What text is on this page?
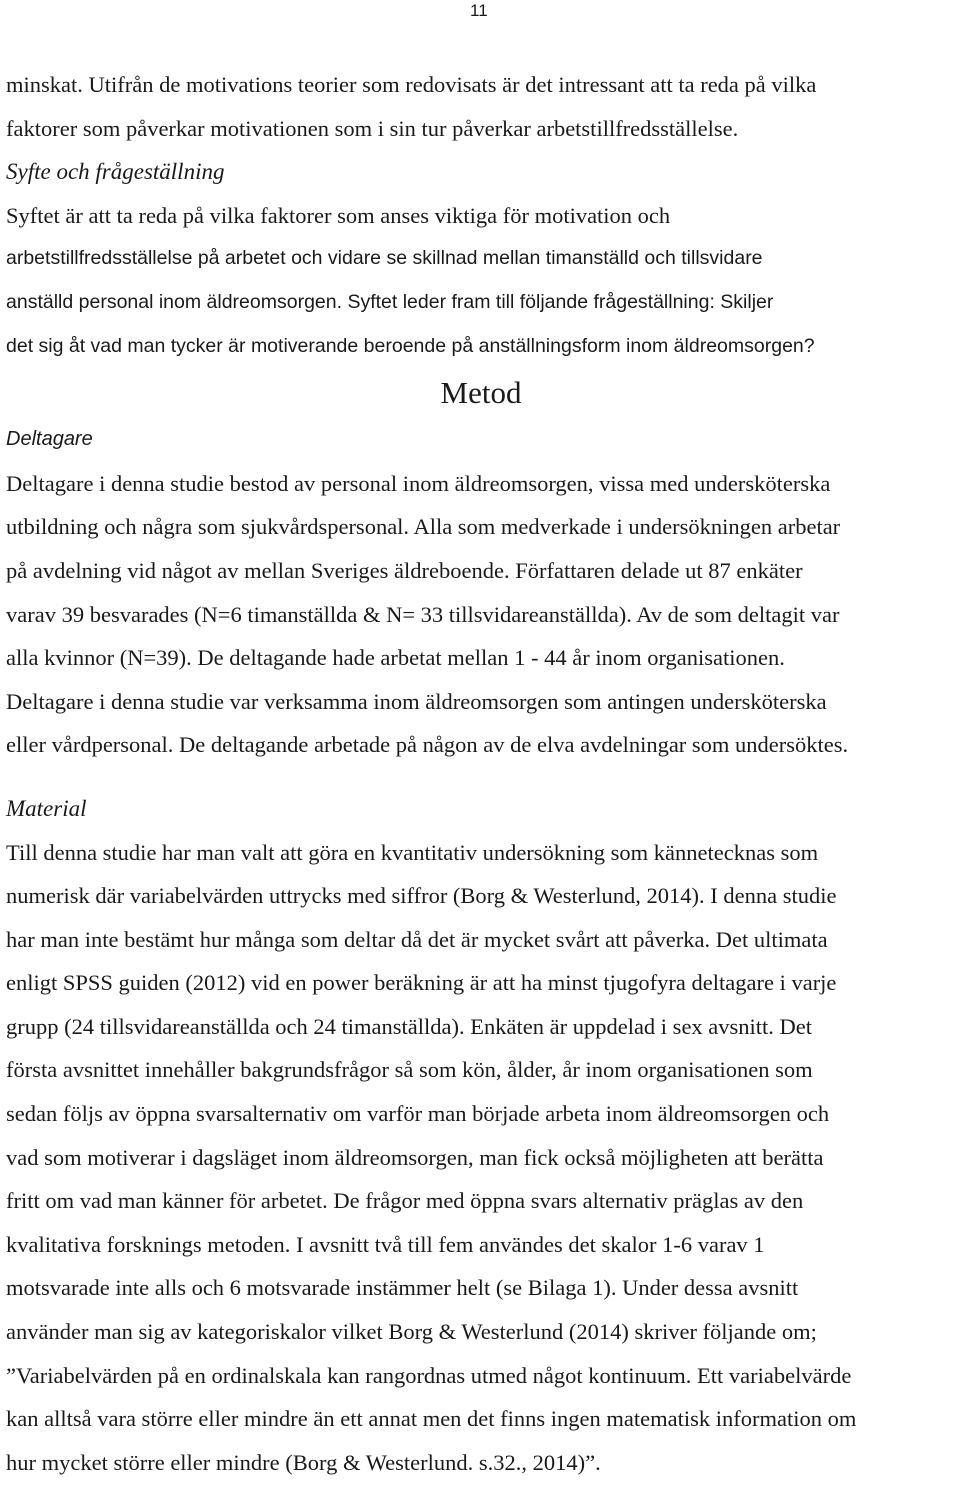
11
minskat. Utifrån de motivations teorier som redovisats är det intressant att ta reda på vilka
faktorer som påverkar motivationen som i sin tur påverkar arbetstillfredsställelse.
Syfte och frågeställning
Syftet är att ta reda på vilka faktorer som anses viktiga för motivation och
arbetstillfredsställelse på arbetet och vidare se skillnad mellan timanställd och tillsvidare
anställd personal inom äldreomsorgen. Syftet leder fram till följande frågeställning: Skiljer
det sig åt vad man tycker är motiverande beroende på anställningsform inom äldreomsorgen?
Metod
Deltagare
Deltagare i denna studie bestod av personal inom äldreomsorgen, vissa med undersköterska
utbildning och några som sjukvårdspersonal. Alla som medverkade i undersökningen arbetar
på avdelning vid något av mellan Sveriges äldreboende. Författaren delade ut 87 enkäter
varav 39 besvarades (N=6 timanställda & N= 33 tillsvidareanställda). Av de som deltagit var
alla kvinnor (N=39). De deltagande hade arbetat mellan 1 - 44 år inom organisationen.
Deltagare i denna studie var verksamma inom äldreomsorgen som antingen undersköterska
eller vårdpersonal. De deltagande arbetade på någon av de elva avdelningar som undersöktes.
Material
Till denna studie har man valt att göra en kvantitativ undersökning som kännetecknas som
numerisk där variabelvärden uttrycks med siffror (Borg & Westerlund, 2014). I denna studie
har man inte bestämt hur många som deltar då det är mycket svårt att påverka. Det ultimata
enligt SPSS guiden (2012) vid en power beräkning är att ha minst tjugofyra deltagare i varje
grupp (24 tillsvidareanställda och 24 timanställda). Enkäten är uppdelad i sex avsnitt. Det
första avsnittet innehåller bakgrundsfrågor så som kön, ålder, år inom organisationen som
sedan följs av öppna svarsalternativ om varför man började arbeta inom äldreomsorgen och
vad som motiverar i dagsläget inom äldreomsorgen, man fick också möjligheten att berätta
fritt om vad man känner för arbetet. De frågor med öppna svars alternativ präglas av den
kvalitativa forsknings metoden. I avsnitt två till fem användes det skalor 1-6 varav 1
motsvarade inte alls och 6 motsvarade instämmer helt (se Bilaga 1). Under dessa avsnitt
använder man sig av kategoriskalor vilket Borg & Westerlund (2014) skriver följande om;
”Variabelvärden på en ordinalskala kan rangordnas utmed något kontinuum. Ett variabelvärde
kan alltså vara större eller mindre än ett annat men det finns ingen matematisk information om
hur mycket större eller mindre (Borg & Westerlund. s.32., 2014)”.
